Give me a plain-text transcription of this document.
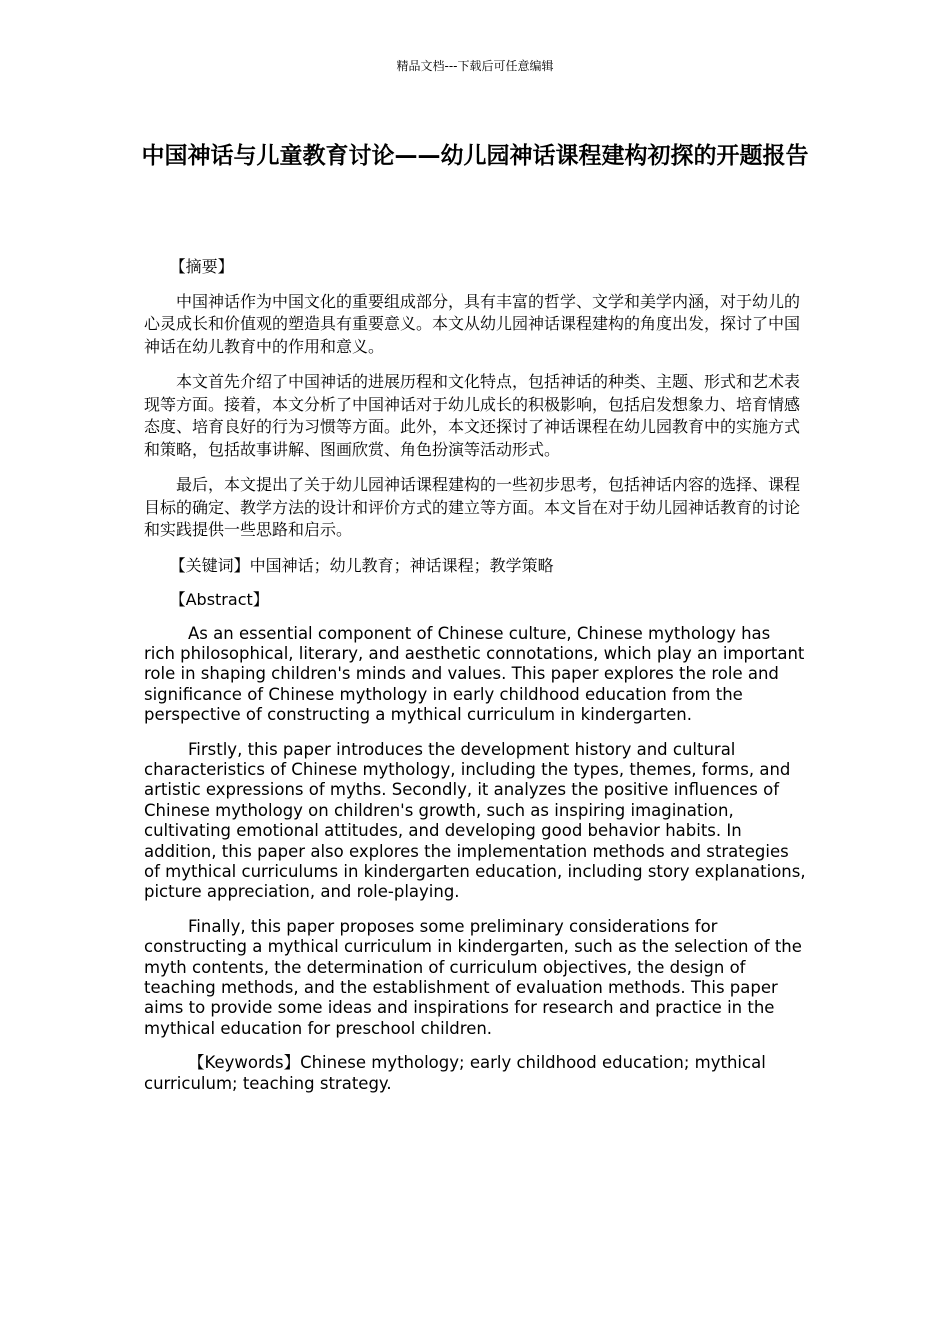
精品文档---下载后可任意编辑
中国神话与儿童教育讨论——幼儿园神话课程建构初探的开题报告

【摘要】

中国神话作为中国文化的重要组成部分，具有丰富的哲学、文学和美学内涵，对于幼儿的心灵成长和价值观的塑造具有重要意义。本文从幼儿园神话课程建构的角度出发，探讨了中国神话在幼儿教育中的作用和意义。

本文首先介绍了中国神话的进展历程和文化特点，包括神话的种类、主题、形式和艺术表现等方面。接着，本文分析了中国神话对于幼儿成长的积极影响，包括启发想象力、培育情感态度、培育良好的行为习惯等方面。此外，本文还探讨了神话课程在幼儿园教育中的实施方式和策略，包括故事讲解、图画欣赏、角色扮演等活动形式。

最后，本文提出了关于幼儿园神话课程建构的一些初步思考，包括神话内容的选择、课程目标的确定、教学方法的设计和评价方式的建立等方面。本文旨在对于幼儿园神话教育的讨论和实践提供一些思路和启示。

【关键词】中国神话；幼儿教育；神话课程；教学策略

【Abstract】

As an essential component of Chinese culture, Chinese mythology has rich philosophical, literary, and aesthetic connotations, which play an important role in shaping children's minds and values. This paper explores the role and significance of Chinese mythology in early childhood education from the perspective of constructing a mythical curriculum in kindergarten.

Firstly, this paper introduces the development history and cultural characteristics of Chinese mythology, including the types, themes, forms, and artistic expressions of myths. Secondly, it analyzes the positive influences of Chinese mythology on children's growth, such as inspiring imagination, cultivating emotional attitudes, and developing good behavior habits. In addition, this paper also explores the implementation methods and strategies of mythical curriculums in kindergarten education, including story explanations, picture appreciation, and role-playing.

Finally, this paper proposes some preliminary considerations for constructing a mythical curriculum in kindergarten, such as the selection of the myth contents, the determination of curriculum objectives, the design of teaching methods, and the establishment of evaluation methods. This paper aims to provide some ideas and inspirations for research and practice in the mythical education for preschool children.

【Keywords】Chinese mythology; early childhood education; mythical curriculum; teaching strategy.
